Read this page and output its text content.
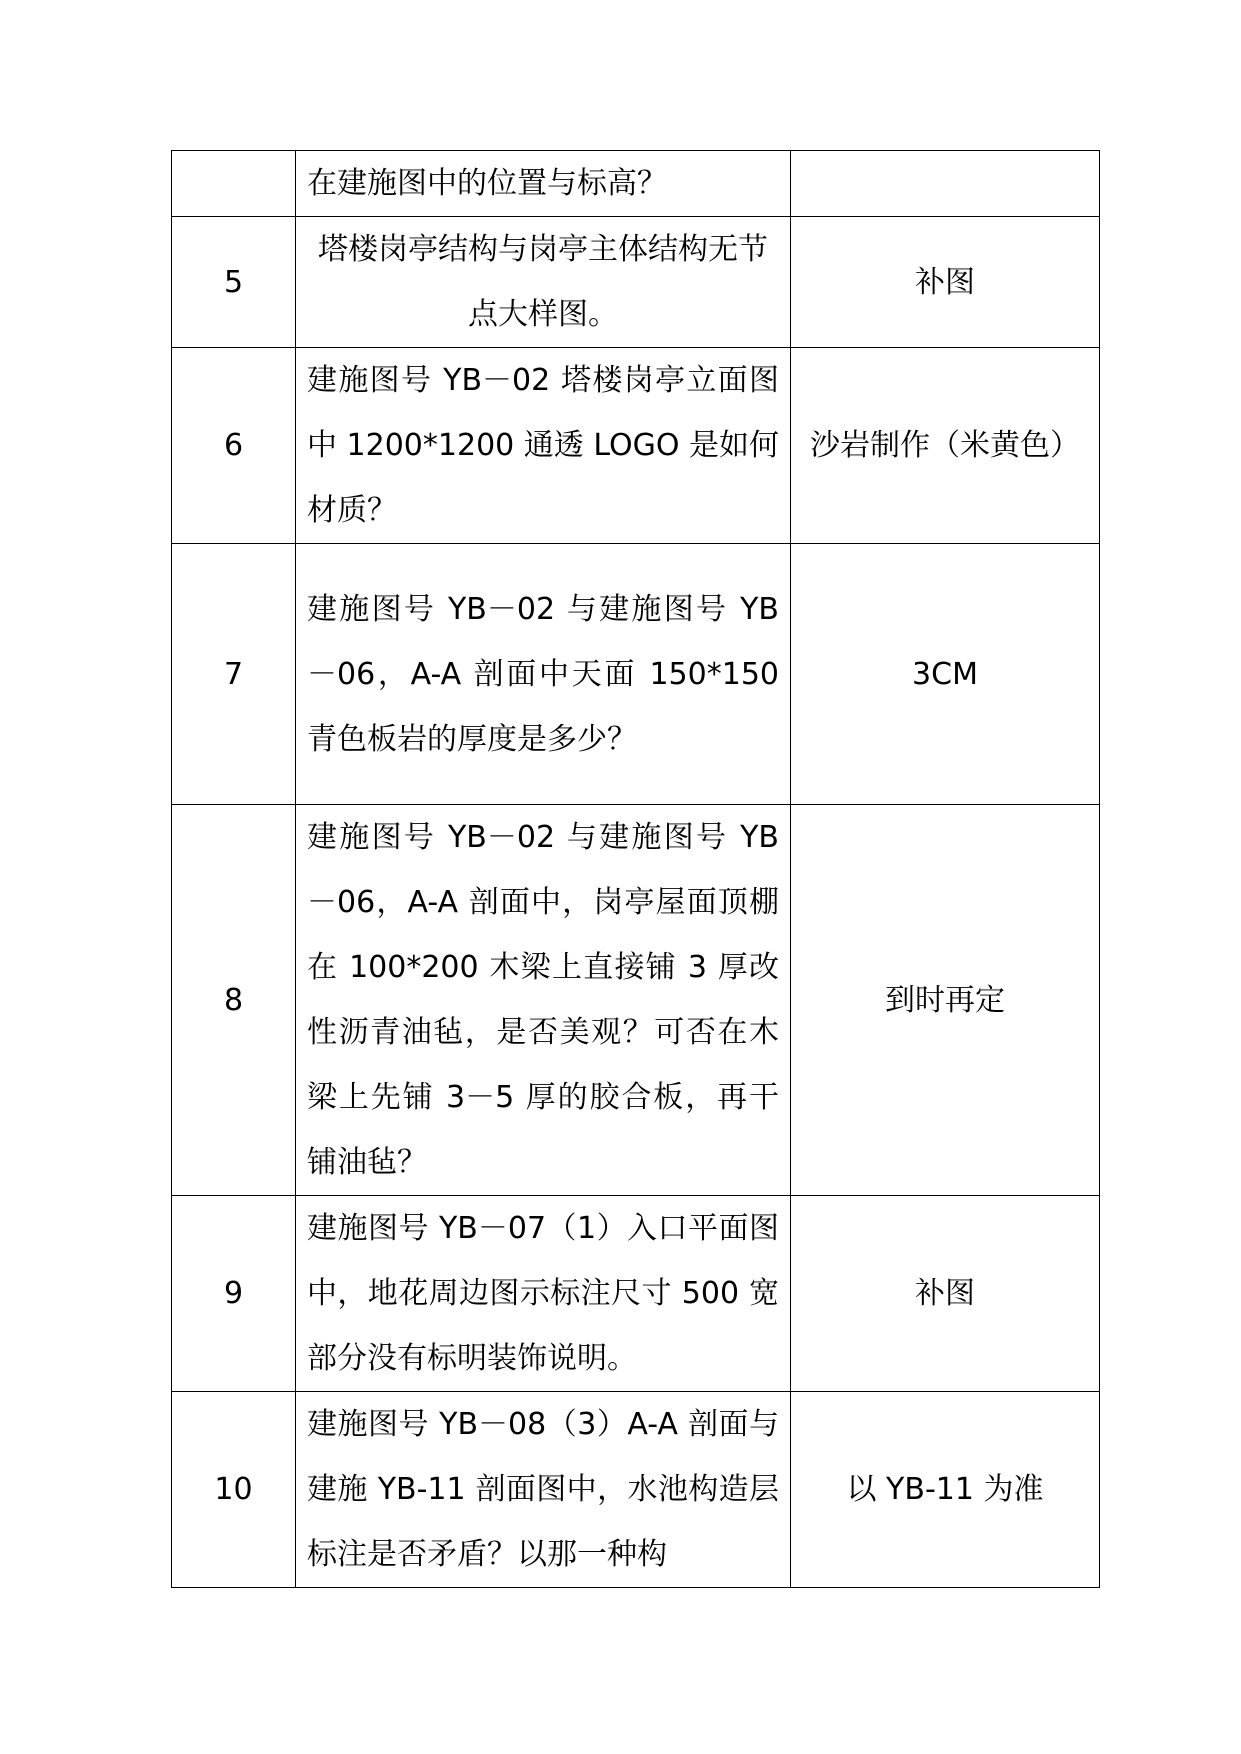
	在建施图中的位置与标高？	
5	塔楼岗亭结构与岗亭主体结构无节点大样图。	补图
6	建施图号 YB－02 塔楼岗亭立面图中 1200*1200 通透 LOGO 是如何材质？	沙岩制作（米黄色）
7	建施图号 YB－02 与建施图号 YB－06，A-A 剖面中天面 150*150 青色板岩的厚度是多少？	3CM
8	建施图号 YB－02 与建施图号 YB－06，A-A 剖面中，岗亭屋面顶棚在 100*200 木梁上直接铺 3 厚改性沥青油毡，是否美观？可否在木梁上先铺 3－5 厚的胶合板，再干铺油毡？	到时再定
9	建施图号 YB－07（1）入口平面图中，地花周边图示标注尺寸 500 宽部分没有标明装饰说明。	补图
10	建施图号 YB－08（3）A-A 剖面与建施 YB-11 剖面图中，水池构造层标注是否矛盾？以那一种构	以 YB-11 为准
